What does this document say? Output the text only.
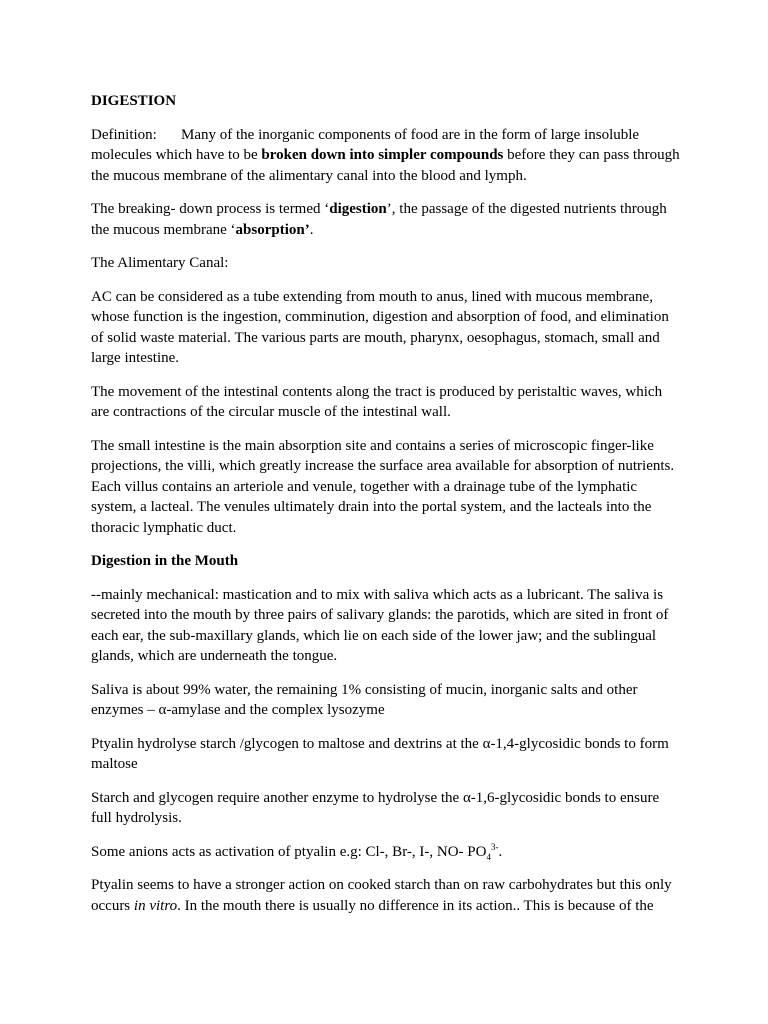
DIGESTION

Definition: Many of the inorganic components of food are in the form of large insoluble molecules which have to be broken down into simpler compounds before they can pass through the mucous membrane of the alimentary canal into the blood and lymph.

The breaking- down process is termed ‘digestion’, the passage of the digested nutrients through the mucous membrane ‘absorption’.

The Alimentary Canal:

AC can be considered as a tube extending from mouth to anus, lined with mucous membrane, whose function is the ingestion, comminution, digestion and absorption of food, and elimination of solid waste material. The various parts are mouth, pharynx, oesophagus, stomach, small and large intestine.

The movement of the intestinal contents along the tract is produced by peristaltic waves, which are contractions of the circular muscle of the intestinal wall.

The small intestine is the main absorption site and contains a series of microscopic finger-like projections, the villi, which greatly increase the surface area available for absorption of nutrients. Each villus contains an arteriole and venule, together with a drainage tube of the lymphatic system, a lacteal. The venules ultimately drain into the portal system, and the lacteals into the thoracic lymphatic duct.

Digestion in the Mouth

--mainly mechanical: mastication and to mix with saliva which acts as a lubricant. The saliva is secreted into the mouth by three pairs of salivary glands: the parotids, which are sited in front of each ear, the sub-maxillary glands, which lie on each side of the lower jaw; and the sublingual glands, which are underneath the tongue.

Saliva is about 99% water, the remaining 1% consisting of mucin, inorganic salts and other enzymes – α-amylase and the complex lysozyme

Ptyalin hydrolyse starch /glycogen to maltose and dextrins at the α-1,4-glycosidic bonds to form maltose

Starch and glycogen require another enzyme to hydrolyse the α-1,6-glycosidic bonds to ensure full hydrolysis.

Some anions acts as activation of ptyalin e.g: Cl-, Br-, I-, NO- $PO_4^{3-}$.

Ptyalin seems to have a stronger action on cooked starch than on raw carbohydrates but this only occurs in vitro. In the mouth there is usually no difference in its action.. This is because of the
